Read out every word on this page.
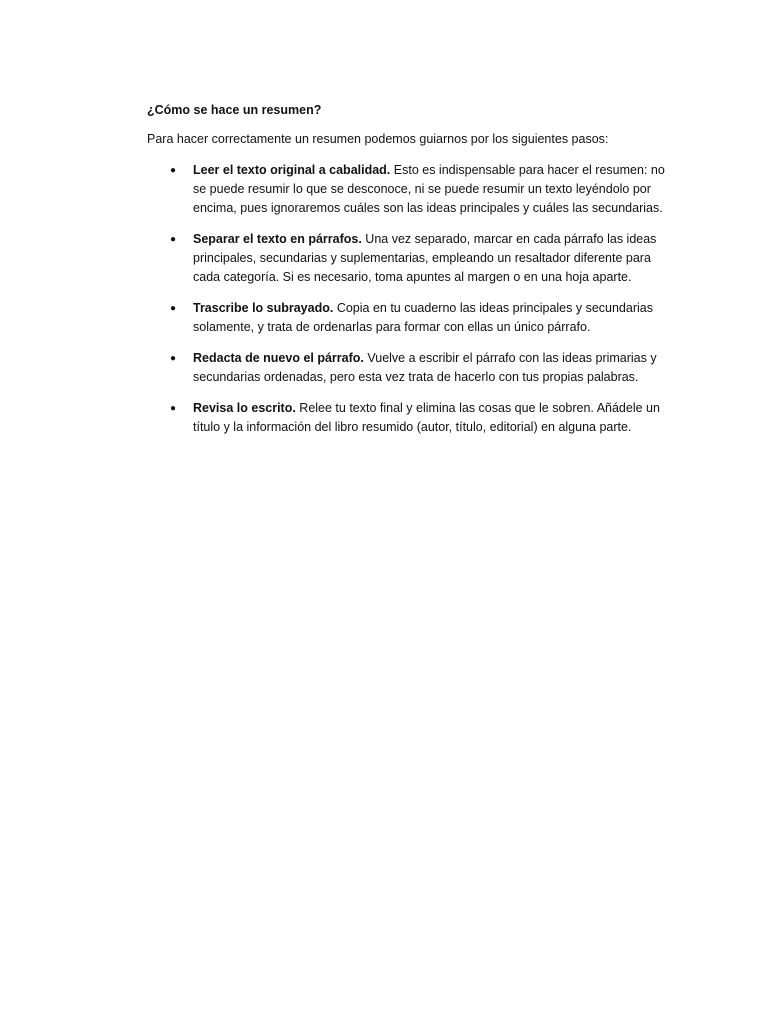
¿Cómo se hace un resumen?

Para hacer correctamente un resumen podemos guiarnos por los siguientes pasos:

● Leer el texto original a cabalidad. Esto es indispensable para hacer el resumen: no se puede resumir lo que se desconoce, ni se puede resumir un texto leyéndolo por encima, pues ignoraremos cuáles son las ideas principales y cuáles las secundarias.
● Separar el texto en párrafos. Una vez separado, marcar en cada párrafo las ideas principales, secundarias y suplementarias, empleando un resaltador diferente para cada categoría. Si es necesario, toma apuntes al margen o en una hoja aparte.
● Trascribe lo subrayado. Copia en tu cuaderno las ideas principales y secundarias solamente, y trata de ordenarlas para formar con ellas un único párrafo.
● Redacta de nuevo el párrafo. Vuelve a escribir el párrafo con las ideas primarias y secundarias ordenadas, pero esta vez trata de hacerlo con tus propias palabras.
● Revisa lo escrito. Relee tu texto final y elimina las cosas que le sobren. Añádele un título y la información del libro resumido (autor, título, editorial) en alguna parte.
